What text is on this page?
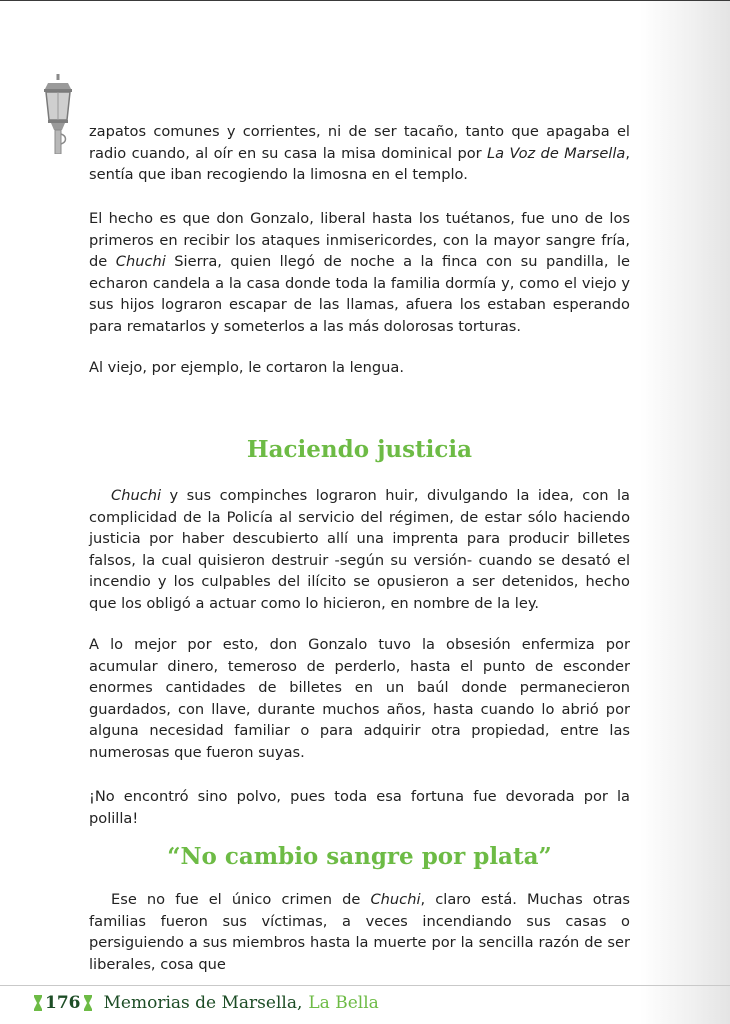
zapatos comunes y corrientes, ni de ser tacaño, tanto que apagaba el radio cuando, al oír en su casa la misa dominical por La Voz de Marsella, sentía que iban recogiendo la limosna en el templo.

El hecho es que don Gonzalo, liberal hasta los tuétanos, fue uno de los primeros en recibir los ataques inmisericordes, con la mayor sangre fría, de Chuchi Sierra, quien llegó de noche a la finca con su pandilla, le echaron candela a la casa donde toda la familia dormía y, como el viejo y sus hijos lograron escapar de las llamas, afuera los estaban esperando para rematarlos y someterlos a las más dolorosas torturas.

Al viejo, por ejemplo, le cortaron la lengua.

Haciendo justicia

Chuchi y sus compinches lograron huir, divulgando la idea, con la complicidad de la Policía al servicio del régimen, de estar sólo haciendo justicia por haber descubierto allí una imprenta para producir billetes falsos, la cual quisieron destruir -según su versión- cuando se desató el incendio y los culpables del ilícito se opusieron a ser detenidos, hecho que los obligó a actuar como lo hicieron, en nombre de la ley.

A lo mejor por esto, don Gonzalo tuvo la obsesión enfermiza por acumular dinero, temeroso de perderlo, hasta el punto de esconder enormes cantidades de billetes en un baúl donde permanecieron guardados, con llave, durante muchos años, hasta cuando lo abrió por alguna necesidad familiar o para adquirir otra propiedad, entre las numerosas que fueron suyas.

¡No encontró sino polvo, pues toda esa fortuna fue devorada por la polilla!

“No cambio sangre por plata”

Ese no fue el único crimen de Chuchi, claro está. Muchas otras familias fueron sus víctimas, a veces incendiando sus casas o persiguiendo a sus miembros hasta la muerte por la sencilla razón de ser liberales, cosa que

176 Memorias de Marsella, La Bella
